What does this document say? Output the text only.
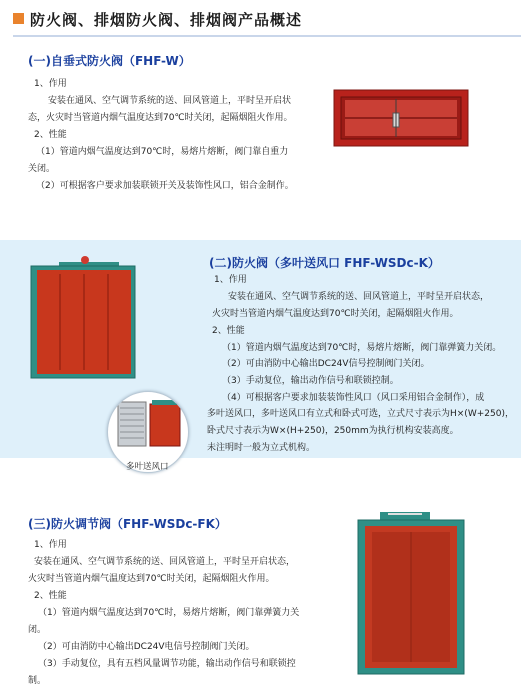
防火阀、排烟防火阀、排烟阀产品概述
(一)自垂式防火阀（FHF-W）
1、作用
安装在通风、空气调节系统的送、回风管道上，平时呈开启状
态，火灾时当管道内烟气温度达到70℃时关闭，起隔烟阻火作用。
2、性能
（1）管道内烟气温度达到70℃时，易熔片熔断，阀门靠自重力
关闭。
（2）可根据客户要求加装联锁开关及装饰性风口，铝合金制作。
(二)防火阀（多叶送风口 FHF-WSDc-K）
1、作用
安装在通风、空气调节系统的送、回风管道上，平时呈开启状态，
火灾时当管道内烟气温度达到70℃时关闭，起隔烟阻火作用。
2、性能
（1）管道内烟气温度达到70℃时，易熔片熔断，阀门靠弹簧力关闭。
（2）可由消防中心输出DC24V信号控制阀门关闭。
（3）手动复位，输出动作信号和联锁控制。
（4）可根据客户要求加装装饰性风口（风口采用铝合金制作），成
多叶送风口，多叶送风口有立式和卧式可选，立式尺寸表示为H×(W+250)，
卧式尺寸表示为W×(H+250)，250mm为执行机构安装高度。
未注明时一般为立式机构。
多叶送风口
(三)防火调节阀（FHF-WSDc-FK）
1、作用
安装在通风、空气调节系统的送、回风管道上，平时呈开启状态，
火灾时当管道内烟气温度达到70℃时关闭，起隔烟阻火作用。
2、性能
（1）管道内烟气温度达到70℃时，易熔片熔断，阀门靠弹簧力关
闭。
（2）可由消防中心输出DC24V电信号控制阀门关闭。
（3）手动复位，具有五档风量调节功能，输出动作信号和联锁控
制。
